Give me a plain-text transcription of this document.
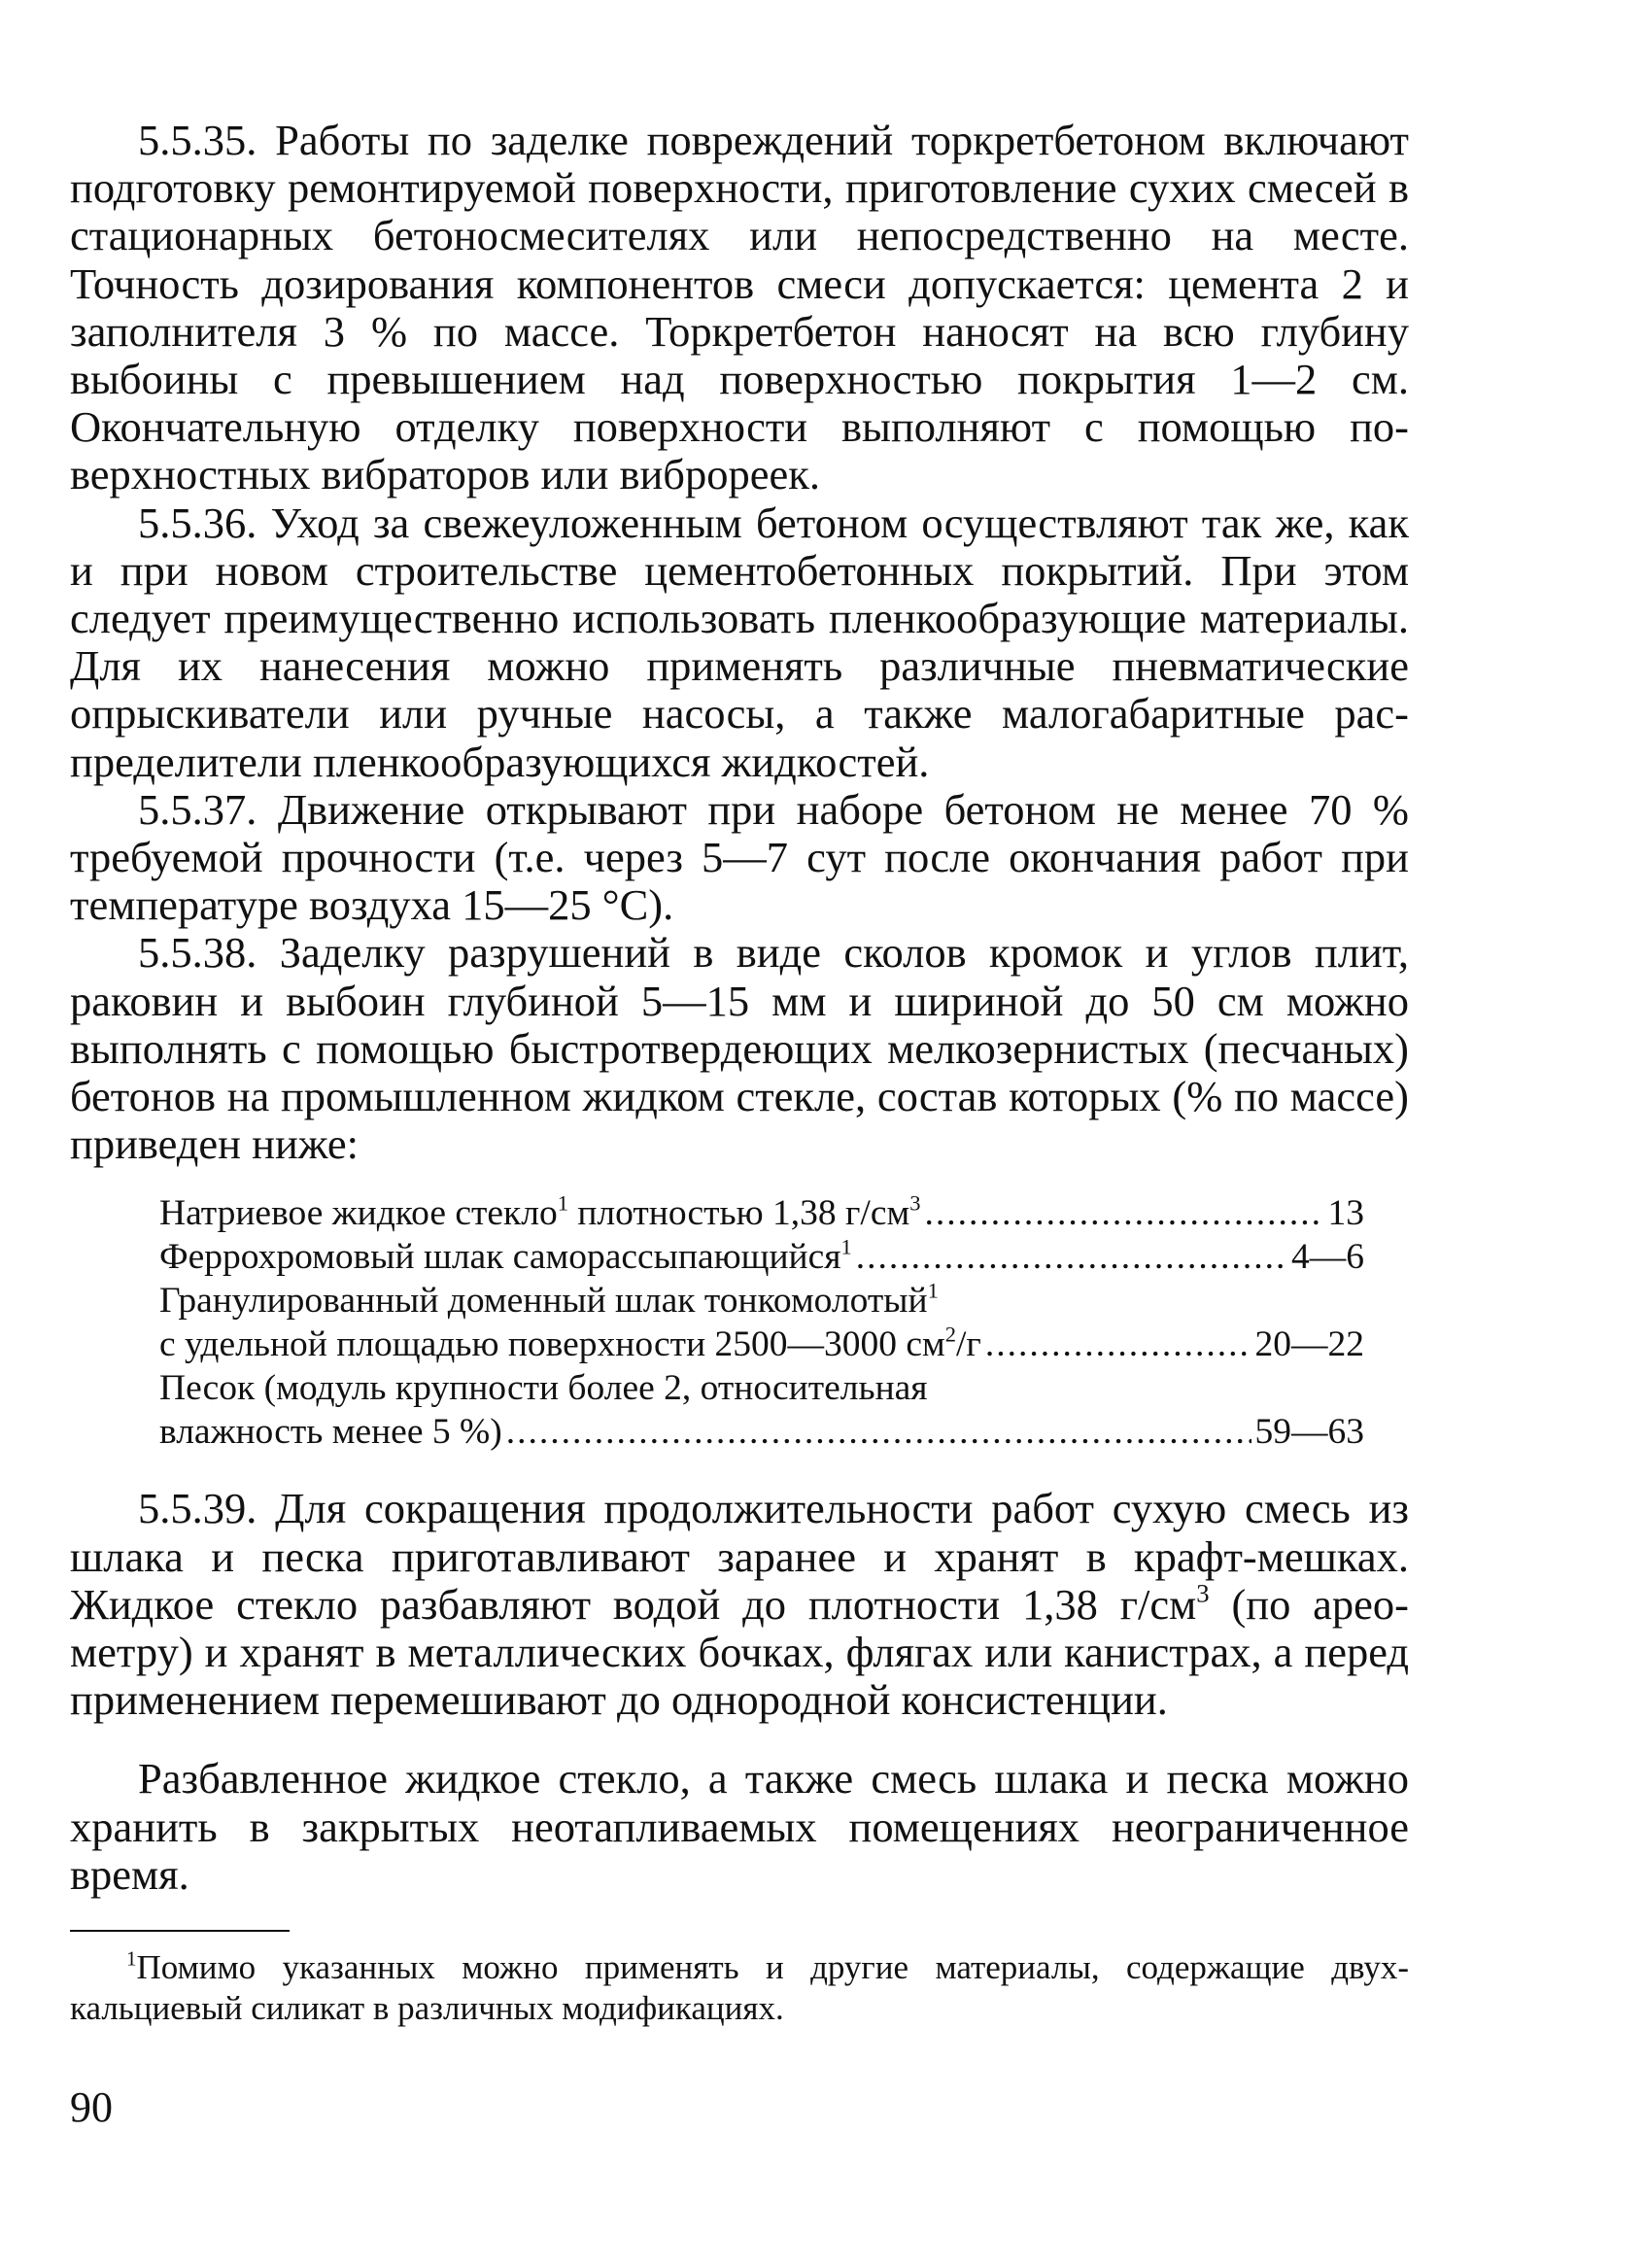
5.5.35. Работы по заделке повреждений торкретбетоном включают подготовку ремонтируемой поверхности, приготовление сухих смесей в стационарных бетоносмесителях или непосредственно на месте. Точность дозирования компонентов смеси допускается: цемента 2 и заполнителя 3 % по массе. Торкретбетон наносят на всю глубину выбоины с превышением над поверхностью покрытия 1—2 см. Окончательную отделку поверхности выполняют с помощью поверхностных вибраторов или виброреек.

5.5.36. Уход за свежеуложенным бетоном осуществляют так же, как и при новом строительстве цементобетонных покрытий. При этом следует преимущественно использовать пленкообразующие материалы. Для их нанесения можно применять различные пневматические опрыскиватели или ручные насосы, а также малогабаритные распределители пленкообразующихся жидкостей.

5.5.37. Движение открывают при наборе бетоном не менее 70 % требуемой прочности (т.е. через 5—7 сут после окончания работ при температуре воздуха 15—25 °С).

5.5.38. Заделку разрушений в виде сколов кромок и углов плит, раковин и выбоин глубиной 5—15 мм и шириной до 50 см можно выполнять с помощью быстротвердеющих мелкозернистых (песчаных) бетонов на промышленном жидком стекле, состав которых (% по массе) приведен ниже:

Натриевое жидкое стекло$^1$ плотностью 1,38 $г/см^3$ .....	13
Феррохромовый шлак саморассыпающийся$^1$ .....	4—6
Гранулированный доменный шлак тонкомолотый$^1$
с удельной площадью поверхности 2500—3000 $см^2/г$ .....	20—22
Песок (модуль крупности более 2, относительная
влажность менее 5 %) .....	59—63

5.5.39. Для сокращения продолжительности работ сухую смесь из шлака и песка приготавливают заранее и хранят в крафт-мешках. Жидкое стекло разбавляют водой до плотности 1,38 $г/см^3$ (по ареометру) и хранят в металлических бочках, флягах или канистрах, а перед применением перемешивают до однородной консистенции.

Разбавленное жидкое стекло, а также смесь шлака и песка можно хранить в закрытых неотапливаемых помещениях неограниченное время.

$^1$Помимо указанных можно применять и другие материалы, содержащие двухкальциевый силикат в различных модификациях.

90
